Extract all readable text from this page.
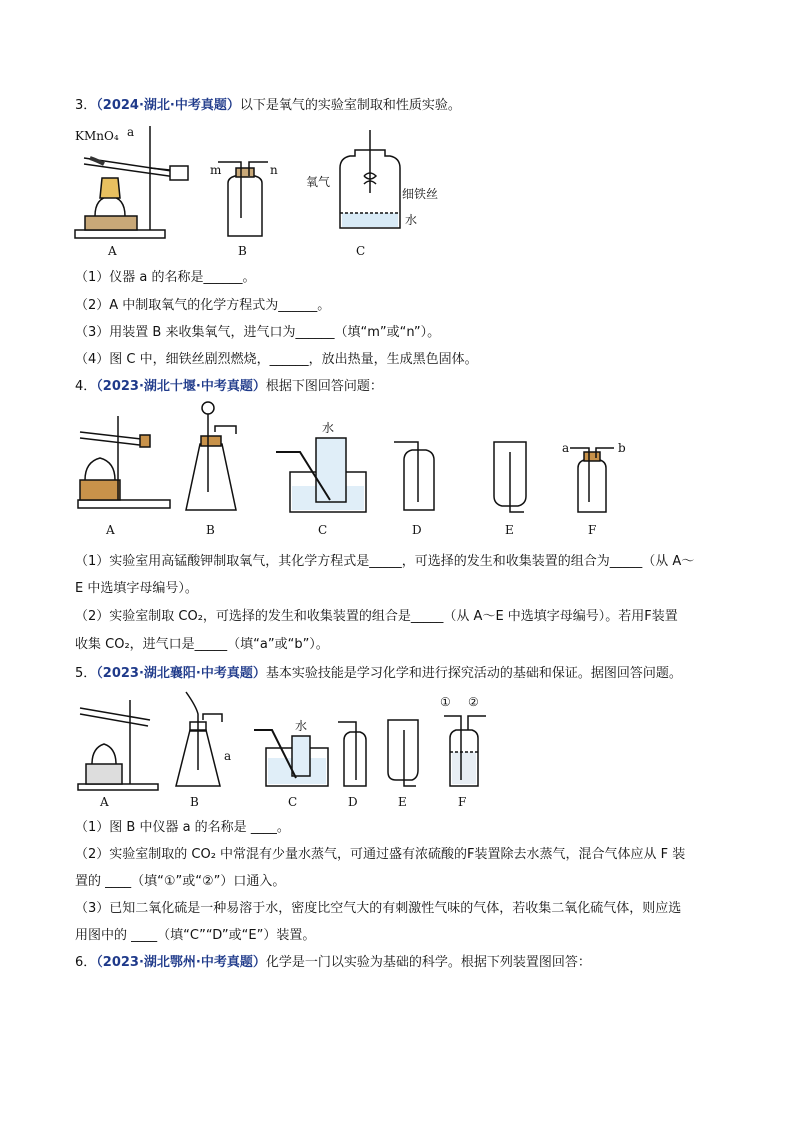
3．（2024·湖北·中考真题）以下是氧气的实验室制取和性质实验。
KMnO₄ a
A
m	n
B
氧气
细铁丝
水
C
（1）仪器 a 的名称是______。
（2）A 中制取氧气的化学方程式为______。
（3）用装置 B 来收集氧气，进气口为______（填“m”或“n”）。
（4）图 C 中，细铁丝剧烈燃烧，______，放出热量，生成黑色固体。
4．（2023·湖北十堰·中考真题）根据下图回答问题：
A	B
水
C	D	E
a	b
F
（1）实验室用高锰酸钾制取氧气，其化学方程式是_____，可选择的发生和收集装置的组合为_____（从 A～
E 中选填字母编号）。
（2）实验室制取 CO₂，可选择的发生和收集装置的组合是_____（从 A～E 中选填字母编号）。若用F装置
收集 CO₂，进气口是_____（填“a”或“b”）。
5．（2023·湖北襄阳·中考真题）基本实验技能是学习化学和进行探究活动的基础和保证。据图回答问题。
A
a
B
水
C	D	E
① ②
F
（1）图 B 中仪器 a 的名称是 ____。
（2）实验室制取的 CO₂ 中常混有少量水蒸气，可通过盛有浓硫酸的F装置除去水蒸气，混合气体应从 F 装
置的 ____（填“①”或“②”）口通入。
（3）已知二氧化硫是一种易溶于水，密度比空气大的有刺激性气味的气体，若收集二氧化硫气体，则应选
用图中的 ____（填“C”“D”或“E”）装置。
6．（2023·湖北鄂州·中考真题）化学是一门以实验为基础的科学。根据下列装置图回答：
